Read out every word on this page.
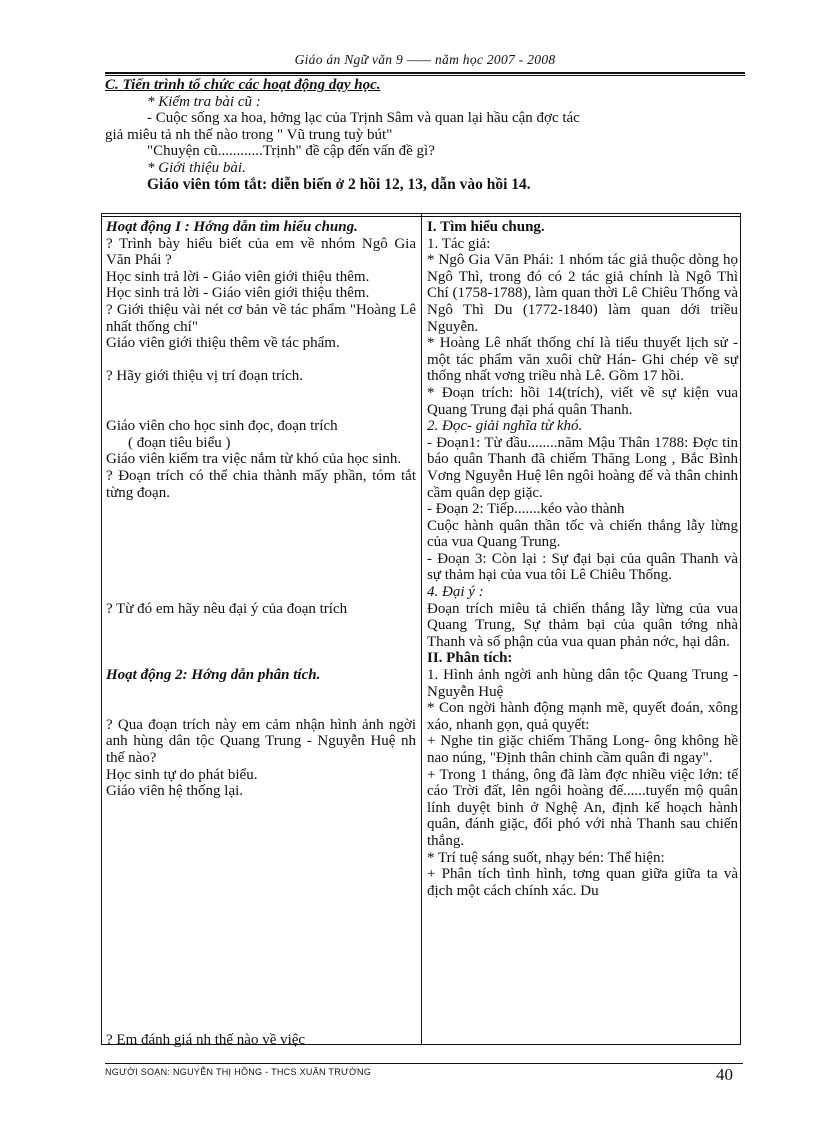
Giáo án Ngữ văn 9 —— năm học 2007 - 2008

C. Tiến trình tổ chức các hoạt động dạy học.

* Kiểm tra bài cũ :

- Cuộc sống xa hoa, hởng lạc của Trịnh Sâm và quan lại hầu cận đợc tác

giả miêu tả nh thế nào trong " Vũ trung tuỳ bút"

"Chuyện cũ............Trịnh" đề cập đến vấn đề gì?

* Giới thiệu bài.

Giáo viên tóm tắt: diễn biến ở 2 hồi 12, 13, dẫn vào hồi 14.

Hoạt động I : Hớng dẫn tìm hiểu chung.

? Trình bày hiểu biết của em về nhóm Ngô Gia Văn Phái ?

Học sinh trả lời - Giáo viên giới thiệu thêm.

Học sinh trả lời - Giáo viên giới thiệu thêm.

? Giới thiệu vài nét cơ bản về tác phẩm "Hoàng Lê nhất thống chí"

Giáo viên giới thiệu thêm về tác phẩm.

? Hãy giới thiệu vị trí đoạn trích.

Giáo viên cho học sinh đọc, đoạn trích

( đoạn tiêu biểu )

Giáo viên kiểm tra việc nắm từ khó của học sinh.

? Đoạn trích có thể chia thành mấy phần, tóm tắt từng đoạn.

? Từ đó em hãy nêu đại ý của đoạn trích

Hoạt động 2: Hớng dẫn phân tích.

? Qua đoạn trích này em cảm nhận hình ảnh ngời anh hùng dân tộc Quang Trung - Nguyễn Huệ nh thế nào?

Học sinh tự do phát biểu.

Giáo viên hệ thống lại.

? Em đánh giá nh thế nào về việc

I. Tìm hiểu chung.

1. Tác giả:

* Ngô Gia Văn Phái: 1 nhóm tác giả thuộc dòng họ Ngô Thì, trong đó có 2 tác giả chính là Ngô Thì Chí (1758-1788), làm quan thời Lê Chiêu Thống và Ngô Thì Du (1772-1840) làm quan dới triều Nguyễn.

* Hoàng Lê nhất thống chí là tiểu thuyết lịch sử - một tác phẩm văn xuôi chữ Hán- Ghi chép về sự thống nhất vơng triều nhà Lê. Gồm 17 hồi.

* Đoạn trích: hồi 14(trích), viết về sự kiện vua Quang Trung đại phá quân Thanh.

2. Đọc- giải nghĩa từ khó.

- Đoạn1: Từ đầu........năm Mậu Thân 1788: Đợc tin báo quân Thanh đã chiếm Thăng Long , Bắc Bình Vơng Nguyễn Huệ lên ngôi hoàng đế và thân chinh cầm quân dẹp giặc.

- Đoạn 2: Tiếp.......kéo vào thành

Cuộc hành quân thần tốc và chiến thắng lẫy lừng của vua Quang Trung.

- Đoạn 3: Còn lại : Sự đại bại của quân Thanh và sự thảm hại của vua tôi Lê Chiêu Thống.

4. Đại ý :

Đoạn trích miêu tả chiến thắng lẫy lừng của vua Quang Trung, Sự thảm bại của quân tớng nhà Thanh và số phận của vua quan phản nớc, hại dân.

II. Phân tích:

1. Hình ảnh ngời anh hùng dân tộc Quang Trung - Nguyễn Huệ

* Con ngời hành động mạnh mẽ, quyết đoán, xông xáo, nhanh gọn, quả quyết:

+ Nghe tin giặc chiếm Thăng Long- ông không hề nao núng, "Định thân chinh cầm quân đi ngay".

+ Trong 1 tháng, ông đã làm đợc nhiều việc lớn: tế cáo Trời đất, lên ngôi hoàng đế......tuyển mộ quân lính duyệt binh ở Nghệ An, định kế hoạch hành quân, đánh giặc, đối phó với nhà Thanh sau chiến thắng.

* Trí tuệ sáng suốt, nhạy bén: Thể hiện:

+ Phân tích tình hình, tơng quan giữa giữa ta và địch một cách chính xác. Du

NGƯỜI SOẠN: NGUYỄN THỊ HỒNG - THCS XUÂN TRƯỜNG	40
